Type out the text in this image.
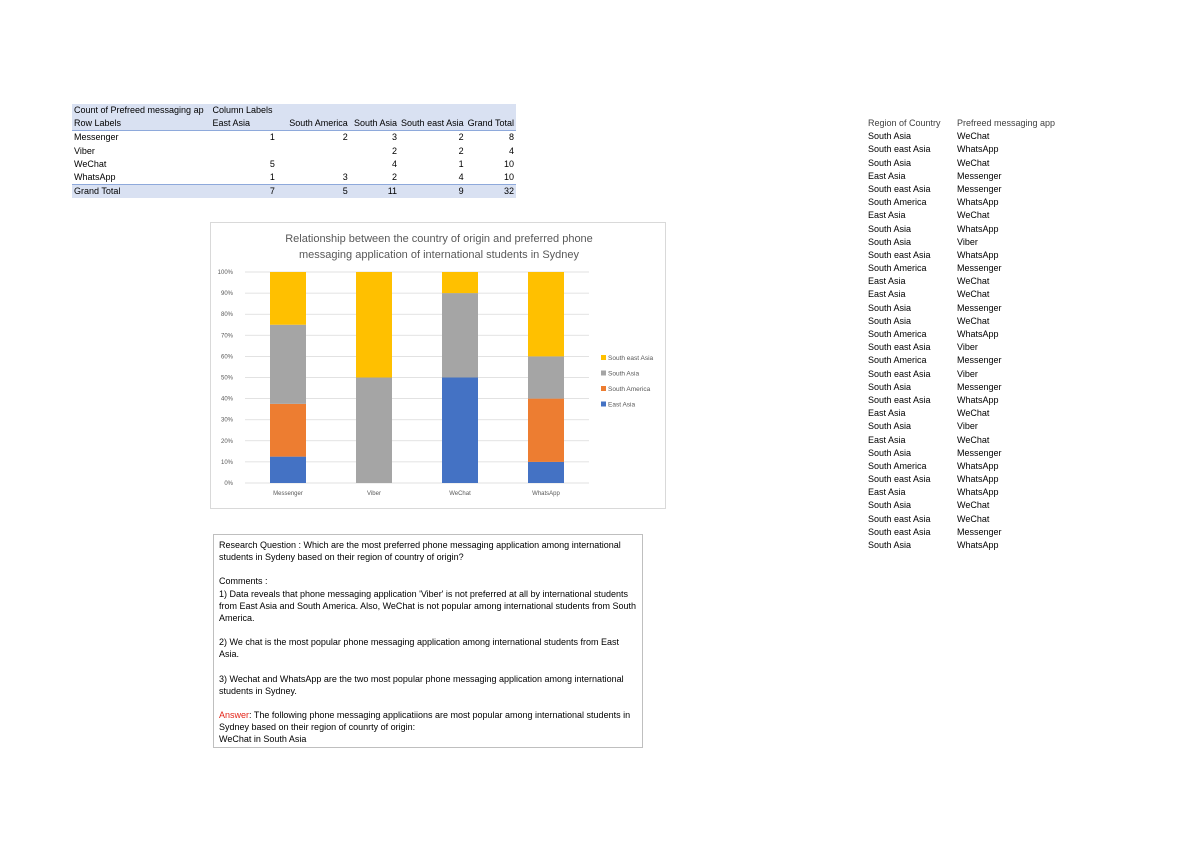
Count of Prefreed messaging ap	Column Labels				
Row Labels	East Asia	South America	South Asia	South east Asia	Grand Total
Messenger	1	2	3	2	8
Viber			2	2	4
WeChat	5		4	1	10
WhatsApp	1	3	2	4	10
Grand Total	7	5	11	9	32
Relationship between the country of origin and preferred phone
messaging application of international students in Sydney
0%
10%
20%
30%
40%
50%
60%
70%
80%
90%
100%
Messenger	Viber	WeChat	WhatsApp
South east Asia
South Asia
South America
East Asia

Research Question : Which are the most preferred phone messaging application among international students in Sydeny based on their region of country of origin?

Comments :

1) Data reveals that phone messaging application 'Viber' is not preferred at all by international students from East Asia and South America. Also, WeChat is not popular among international students from South America.

2) We chat is the most popular phone messaging application among international students from East Asia.

3) Wechat and WhatsApp are the two most popular phone messaging application among international students in Sydney.

Answer: The following phone messaging applicatiions are most popular among international students in Sydney based on their region of counrty of origin:

WeChat in South Asia

Region of Country	Prefreed messaging app
South Asia	WeChat
South east Asia	WhatsApp
South Asia	WeChat
East Asia	Messenger
South east Asia	Messenger
South America	WhatsApp
East Asia	WeChat
South Asia	WhatsApp
South Asia	Viber
South east Asia	WhatsApp
South America	Messenger
East Asia	WeChat
East Asia	WeChat
South Asia	Messenger
South Asia	WeChat
South America	WhatsApp
South east Asia	Viber
South America	Messenger
South east Asia	Viber
South Asia	Messenger
South east Asia	WhatsApp
East Asia	WeChat
South Asia	Viber
East Asia	WeChat
South Asia	Messenger
South America	WhatsApp
South east Asia	WhatsApp
East Asia	WhatsApp
South Asia	WeChat
South east Asia	WeChat
South east Asia	Messenger
South Asia	WhatsApp
